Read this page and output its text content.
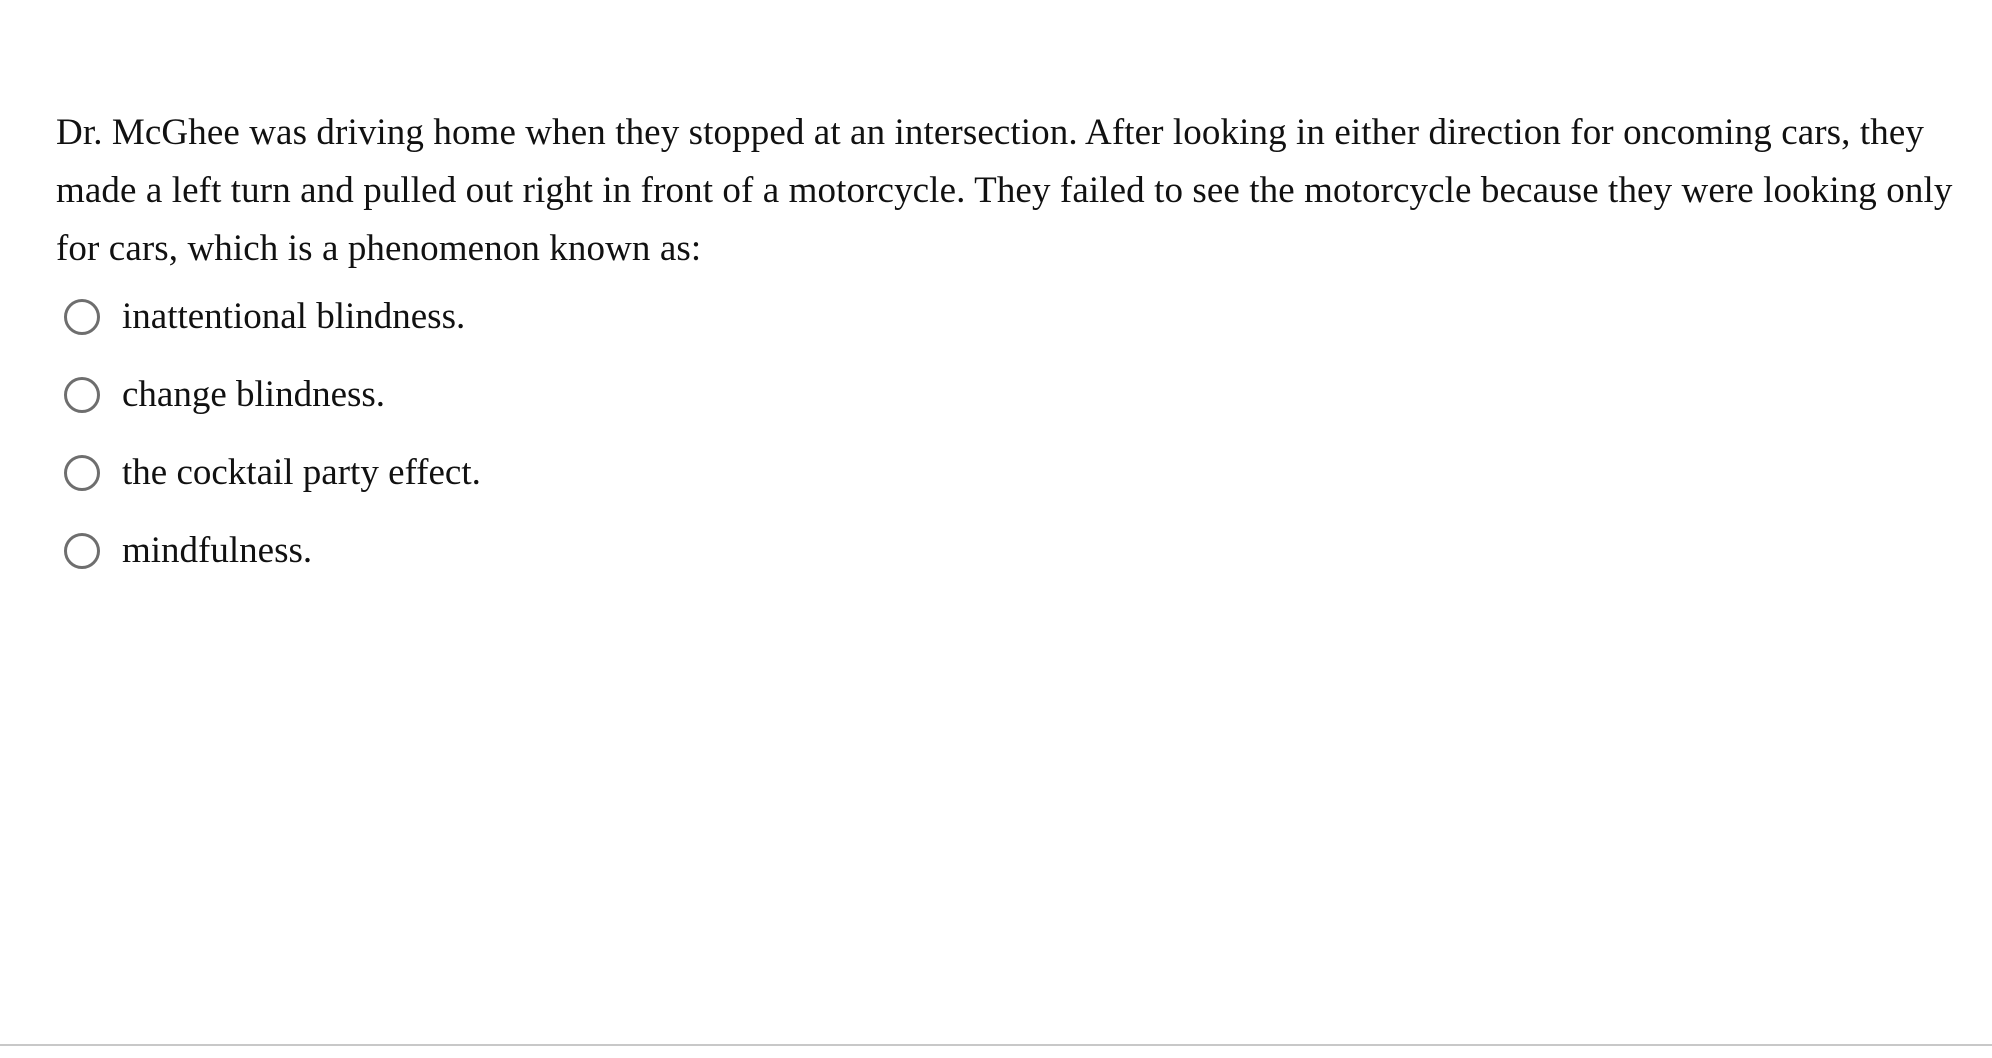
Dr. McGhee was driving home when they stopped at an intersection. After looking in either direction for oncoming cars, they made a left turn and pulled out right in front of a motorcycle. They failed to see the motorcycle because they were looking only for cars, which is a phenomenon known as:

inattentional blindness.
change blindness.
the cocktail party effect.
mindfulness.
